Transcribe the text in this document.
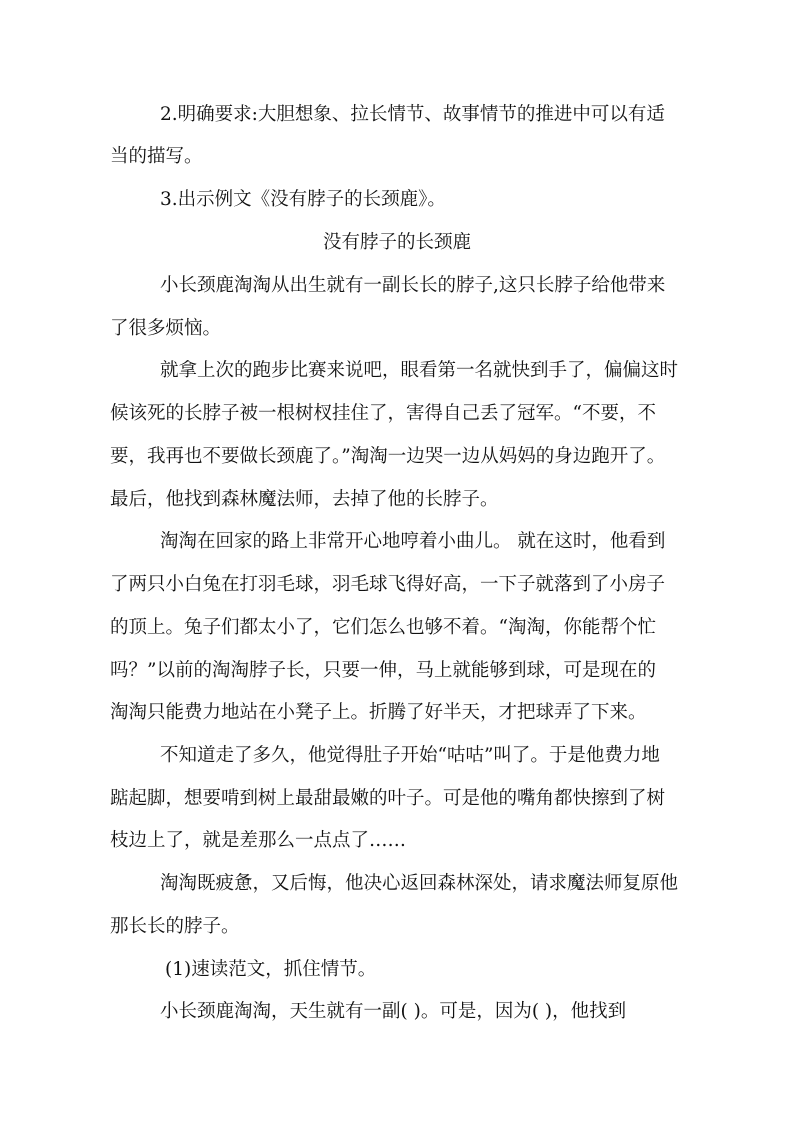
2.明确要求:大胆想象、拉长情节、故事情节的推进中可以有适
当的描写。
3.出示例文《没有脖子的长颈鹿》。
没有脖子的长颈鹿
小长颈鹿淘淘从出生就有一副长长的脖子,这只长脖子给他带来
了很多烦恼。
就拿上次的跑步比赛来说吧，眼看第一名就快到手了，偏偏这时
候该死的长脖子被一根树杈挂住了，害得自己丢了冠军。“不要，不
要，我再也不要做长颈鹿了。”淘淘一边哭一边从妈妈的身边跑开了。
最后，他找到森林魔法师，去掉了他的长脖子。
淘淘在回家的路上非常开心地哼着小曲儿。 就在这时，他看到
了两只小白兔在打羽毛球，羽毛球飞得好高，一下子就落到了小房子
的顶上。兔子们都太小了，它们怎么也够不着。“淘淘，你能帮个忙
吗？”以前的淘淘脖子长，只要一伸，马上就能够到球，可是现在的
淘淘只能费力地站在小凳子上。折腾了好半天，才把球弄了下来。
不知道走了多久，他觉得肚子开始“咕咕”叫了。于是他费力地
踮起脚，想要啃到树上最甜最嫩的叶子。可是他的嘴角都快擦到了树
枝边上了，就是差那么一点点了……
淘淘既疲惫，又后悔，他决心返回森林深处，请求魔法师复原他
那长长的脖子。
(1)速读范文，抓住情节。
小长颈鹿淘淘，天生就有一副( )。可是，因为( )，他找到
